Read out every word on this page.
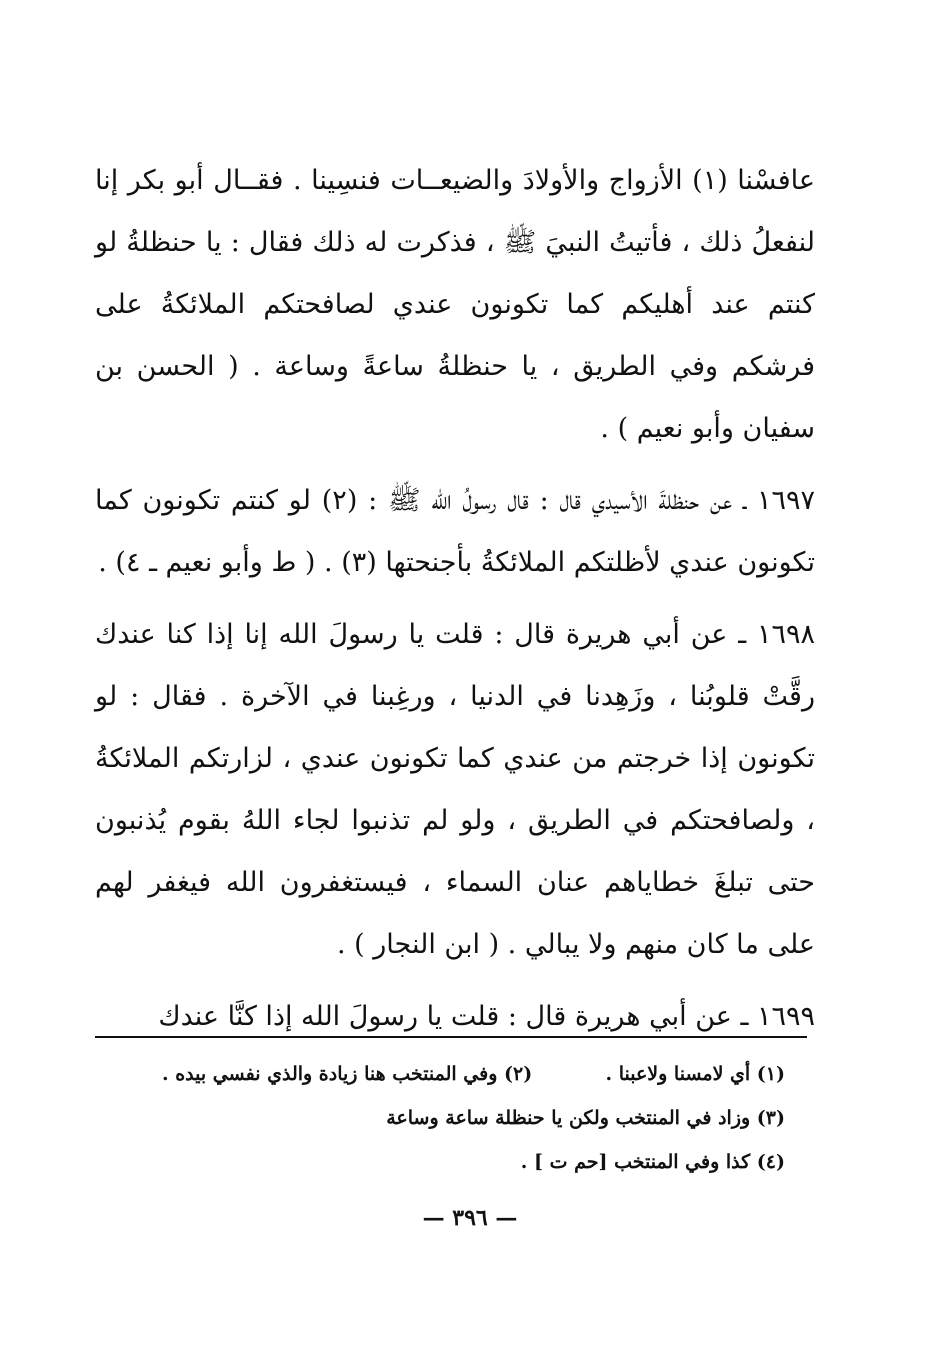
عافسْنا (١) الأزواج والأولادَ والضيعــات فنسِينا . فقــال أبو بكر إنا لنفعلُ ذلك ، فأتيتُ النبيَ ﷺ ، فذكرت له ذلك فقال : يا حنظلةُ لو كنتم عند أهليكم كما تكونون عندي لصافحتكم الملائكةُ على فرشكم وفي الطريق ، يا حنظلةُ ساعةً وساعة . ( الحسن بن سفيان وأبو نعيم ) .

١٦٩٧ ـ عن حنظلةَ الأسيدي قال : قال رسولُ الله ﷺ : (٢) لو كنتم تكونون كما تكونون عندي لأظلتكم الملائكةُ بأجنحتها (٣) . ( ط وأبو نعيم ـ ٤) .

١٦٩٨ ـ عن أبي هريرة قال : قلت يا رسولَ الله إنا إذا كنا عندك رقَّتْ قلوبُنا ، وزَهِدنا في الدنيا ، ورغِبنا في الآخرة . فقال : لو تكونون إذا خرجتم من عندي كما تكونون عندي ، لزارتكم الملائكةُ ، ولصافحتكم في الطريق ، ولو لم تذنبوا لجاء اللهُ بقوم يُذنبون حتى تبلغَ خطاياهم عنان السماء ، فيستغفرون الله فيغفر لهم على ما كان منهم ولا يبالي . ( ابن النجار ) .

١٦٩٩ ـ عن أبي هريرة قال : قلت يا رسولَ الله إذا كنَّا عندك

(١) أي لامسنا ولاعبنا .  (٢) وفي المنتخب هنا زيادة والذي نفسي بيده .
(٣) وزاد في المنتخب ولكن يا حنظلة ساعة وساعة
(٤) كذا وفي المنتخب [حم ت ] .
— ٣٩٦ —
